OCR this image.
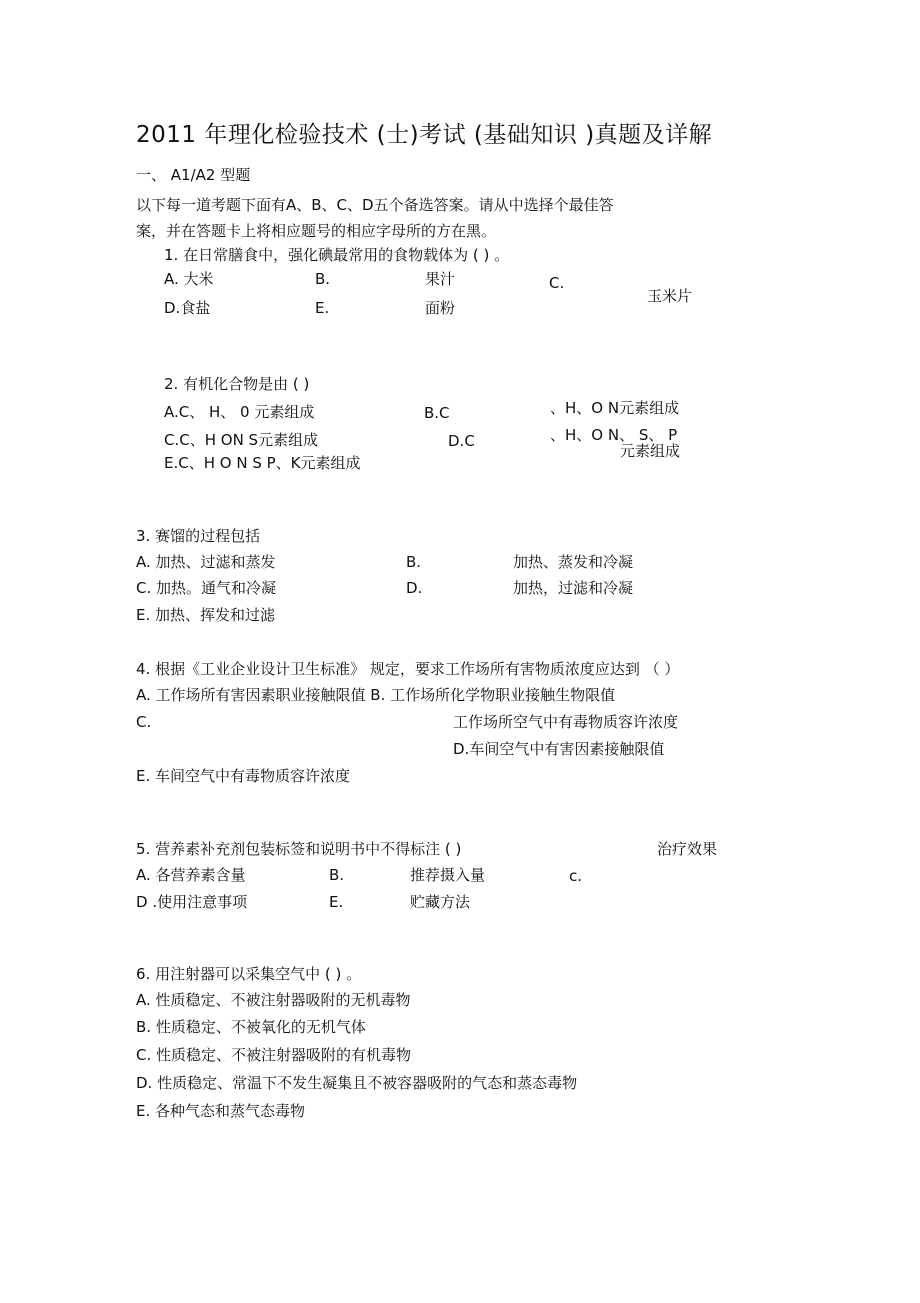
2011 年理化检验技术 (士)考试 (基础知识 )真题及详解
一、 A1/A2 型题
以下每一道考题下面有A、B、C、D五个备选答案。请从中选择个最佳答
案，并在答题卡上将相应题号的相应字母所的方在黑。
1. 在日常膳食中，强化碘最常用的食物载体为 ( ) 。
A. 大米	B.	果汁	C.
玉米片
D.食盐	E.	面粉
2. 有机化合物是由 ( )
A.C、 H、 0 元素组成	B.C	、H、O N元素组成
C.C、H ON S元素组成	D.C	、H、O N、 S、 P
元素组成
E.C、H O N S P、K元素组成
3. 赛馏的过程包括
A. 加热、过滤和蒸发	B.	加热、蒸发和冷凝
C. 加热。通气和冷凝	D.	加热，过滤和冷凝
E. 加热、挥发和过滤
4. 根据《工业企业设计卫生标准》 规定，要求工作场所有害物质浓度应达到 （ ）
A. 工作场所有害因素职业接触限值 B. 工作场所化学物职业接触生物限值
C.	工作场所空气中有毒物质容许浓度
D.车间空气中有害因素接触限值
E. 车间空气中有毒物质容许浓度
5. 营养素补充剂包装标签和说明书中不得标注 ( )	治疗效果
A. 各营养素含量	B.	推荐摄入量	c.
D .使用注意事项	E.	贮藏方法
6. 用注射器可以采集空气中 ( ) 。
A. 性质稳定、不被注射器吸附的无机毒物
B. 性质稳定、不被氧化的无机气体
C. 性质稳定、不被注射器吸附的有机毒物
D. 性质稳定、常温下不发生凝集且不被容器吸附的气态和蒸态毒物
E. 各种气态和蒸气态毒物
